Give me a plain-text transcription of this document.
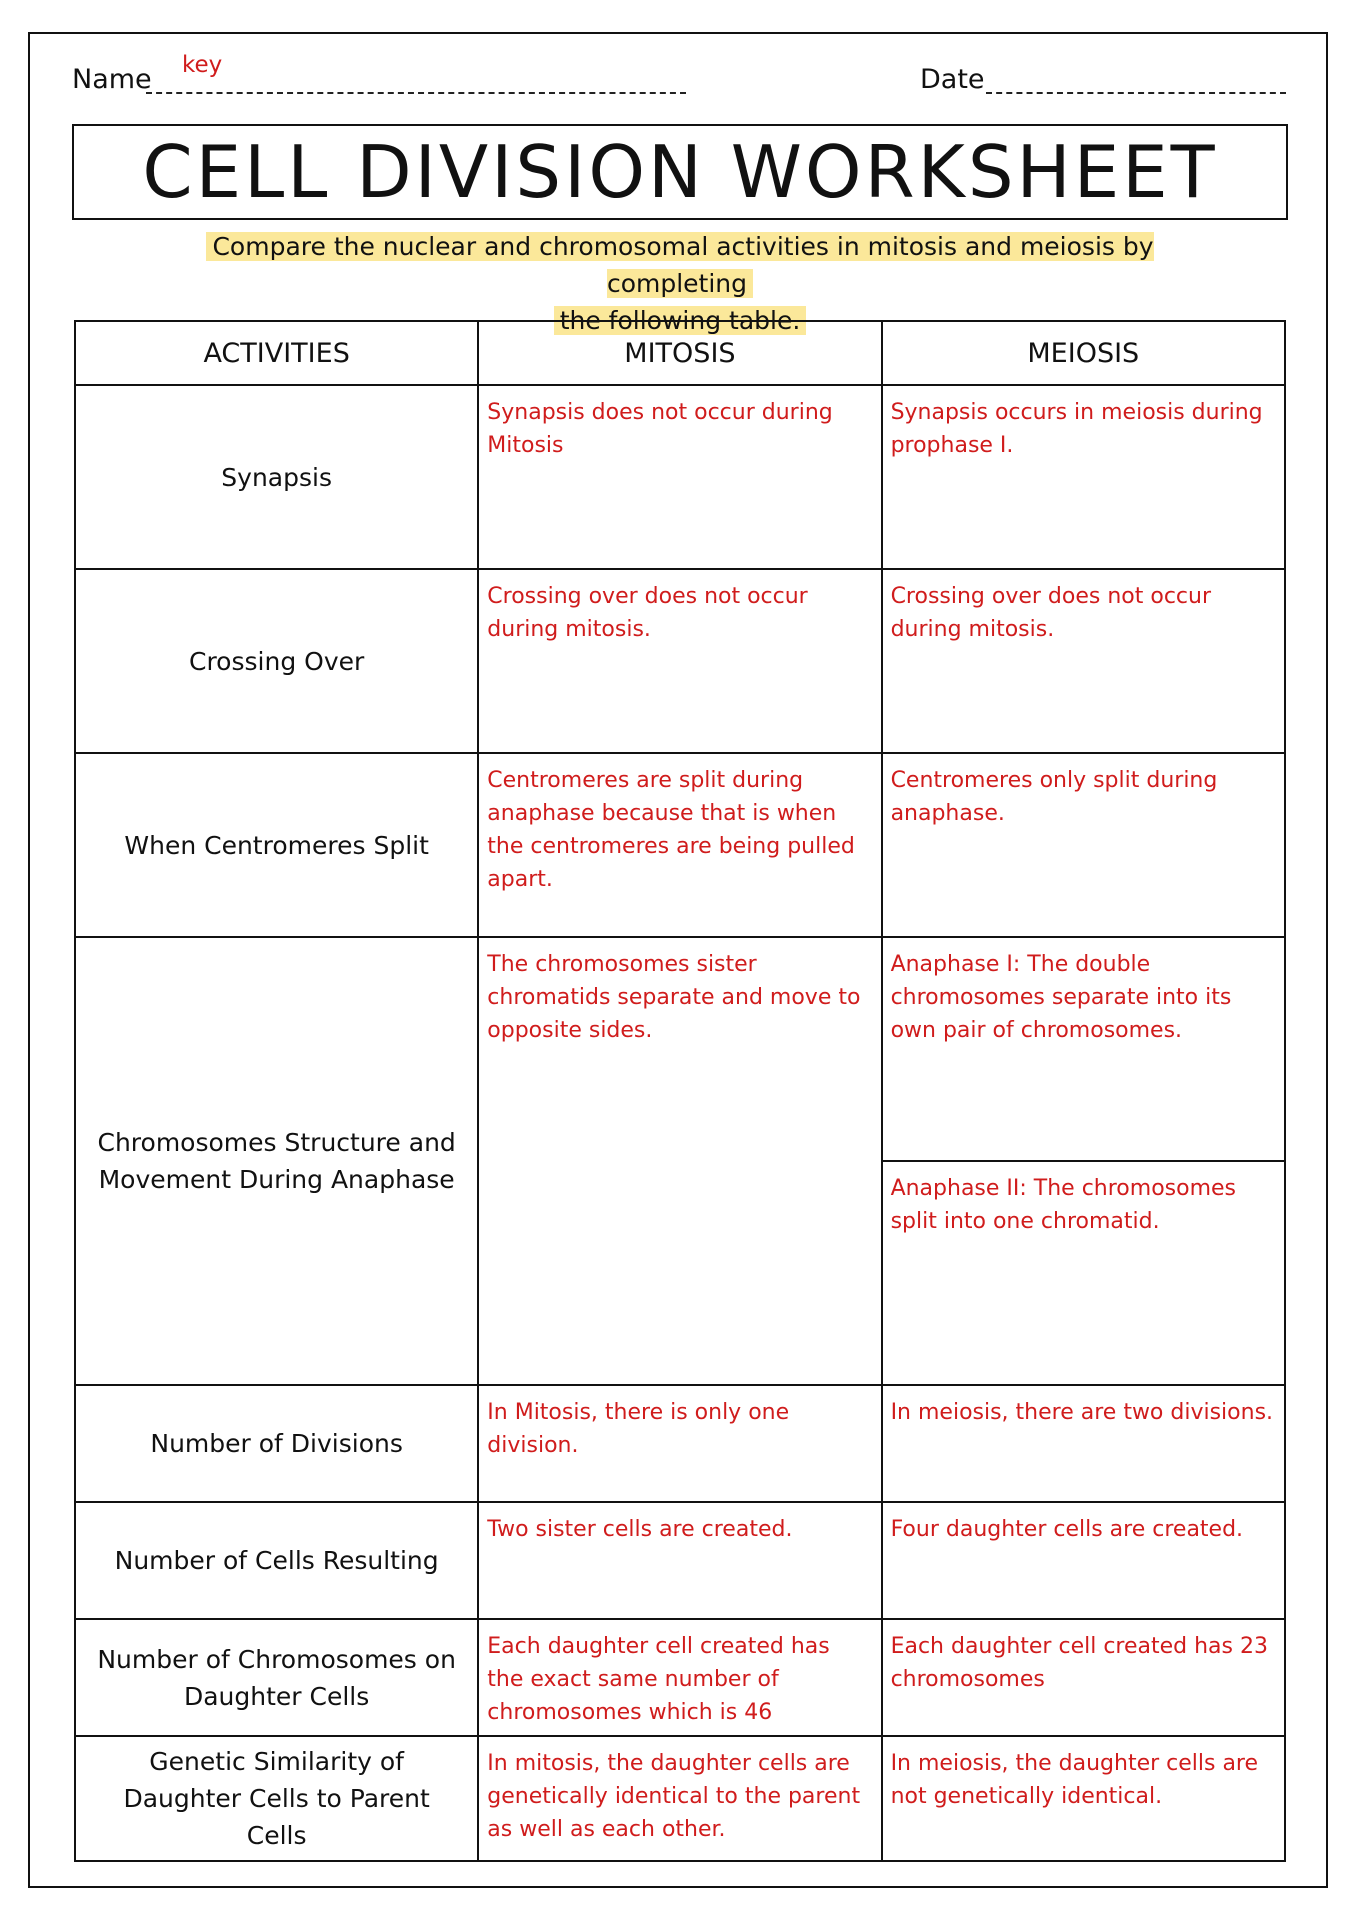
Name key	Date
CELL DIVISION WORKSHEET
Compare the nuclear and chromosomal activities in mitosis and meiosis by completing
the following table.
ACTIVITIES	MITOSIS	MEIOSIS
Synapsis	Synapsis does not occur during Mitosis	Synapsis occurs in meiosis during prophase I.
Crossing Over	Crossing over does not occur during mitosis.	Crossing over does not occur during mitosis.
When Centromeres Split	Centromeres are split during anaphase because that is when the centromeres are being pulled apart.	Centromeres only split during anaphase.
Chromosomes Structure and Movement During Anaphase	The chromosomes sister chromatids separate and move to opposite sides.	Anaphase I: The double chromosomes separate into its own pair of chromosomes.
		Anaphase II: The chromosomes split into one chromatid.
Number of Divisions	In Mitosis, there is only one division.	In meiosis, there are two divisions.
Number of Cells Resulting	Two sister cells are created.	Four daughter cells are created.
Number of Chromosomes on Daughter Cells	Each daughter cell created has the exact same number of chromosomes which is 46	Each daughter cell created has 23 chromosomes
Genetic Similarity of Daughter Cells to Parent Cells	In mitosis, the daughter cells are genetically identical to the parent as well as each other.	In meiosis, the daughter cells are not genetically identical.
